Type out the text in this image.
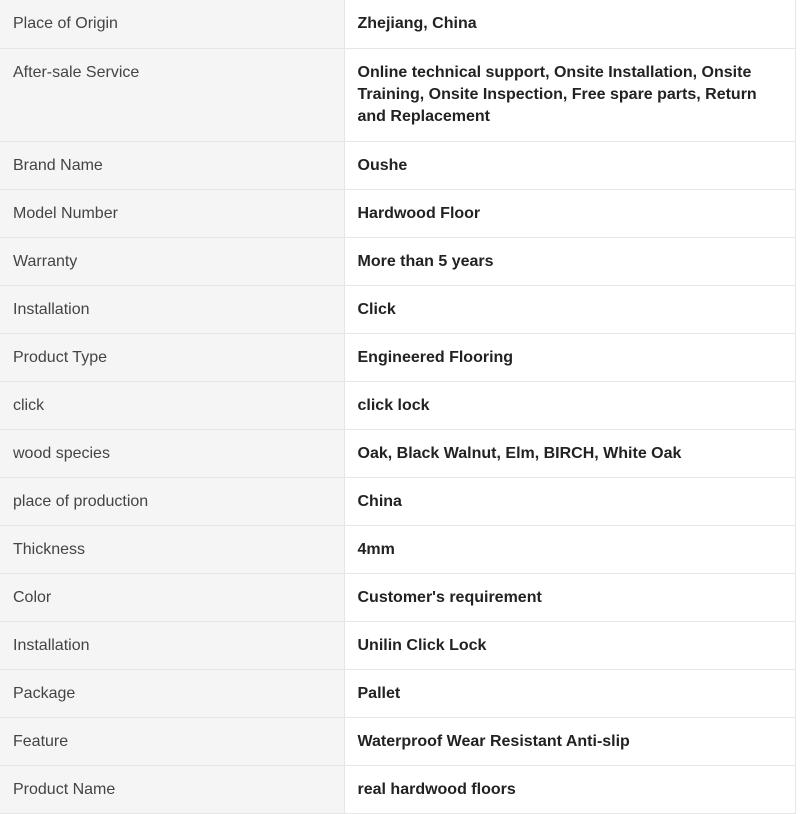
Place of Origin	Zhejiang, China
After-sale Service	Online technical support, Onsite Installation, Onsite Training, Onsite Inspection, Free spare parts, Return and Replacement
Brand Name	Oushe
Model Number	Hardwood Floor
Warranty	More than 5 years
Installation	Click
Product Type	Engineered Flooring
click	click lock
wood species	Oak, Black Walnut, Elm, BIRCH, White Oak
place of production	China
Thickness	4mm
Color	Customer's requirement
Installation	Unilin Click Lock
Package	Pallet
Feature	Waterproof Wear Resistant Anti-slip
Product Name	real hardwood floors
